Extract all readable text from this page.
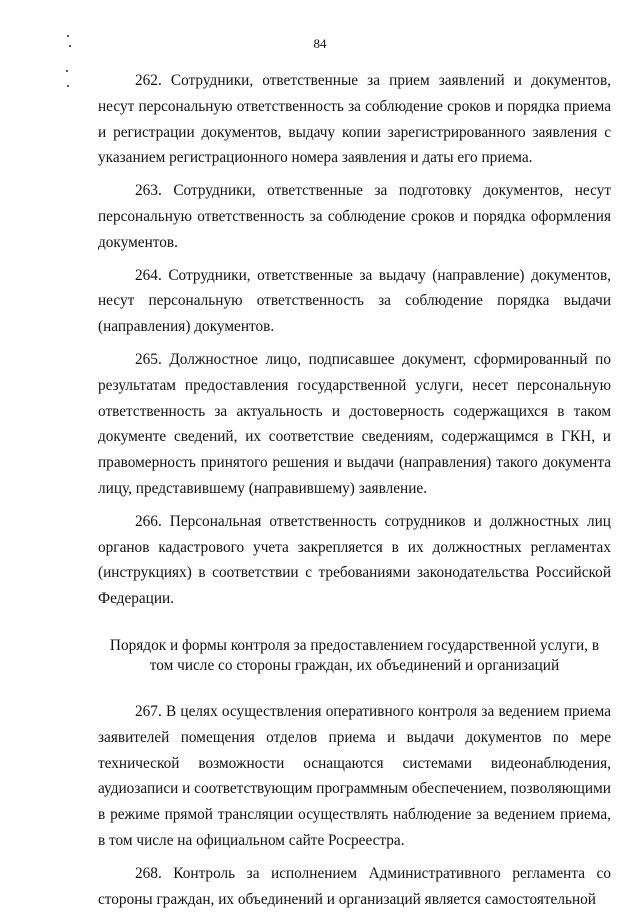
84

262. Сотрудники, ответственные за прием заявлений и документов, несут персональную ответственность за соблюдение сроков и порядка приема и регистрации документов, выдачу копии зарегистрированного заявления с указанием регистрационного номера заявления и даты его приема.

263. Сотрудники, ответственные за подготовку документов, несут персональную ответственность за соблюдение сроков и порядка оформления документов.

264. Сотрудники, ответственные за выдачу (направление) документов, несут персональную ответственность за соблюдение порядка выдачи (направления) документов.

265. Должностное лицо, подписавшее документ, сформированный по результатам предоставления государственной услуги, несет персональную ответственность за актуальность и достоверность содержащихся в таком документе сведений, их соответствие сведениям, содержащимся в ГКН, и правомерность принятого решения и выдачи (направления) такого документа лицу, представившему (направившему) заявление.

266. Персональная ответственность сотрудников и должностных лиц органов кадастрового учета закрепляется в их должностных регламентах (инструкциях) в соответствии с требованиями законодательства Российской Федерации.

Порядок и формы контроля за предоставлением государственной услуги, в том числе со стороны граждан, их объединений и организаций

267. В целях осуществления оперативного контроля за ведением приема заявителей помещения отделов приема и выдачи документов по мере технической возможности оснащаются системами видеонаблюдения, аудиозаписи и соответствующим программным обеспечением, позволяющими в режиме прямой трансляции осуществлять наблюдение за ведением приема, в том числе на официальном сайте Росреестра.

268. Контроль за исполнением Административного регламента со стороны граждан, их объединений и организаций является самостоятельной
